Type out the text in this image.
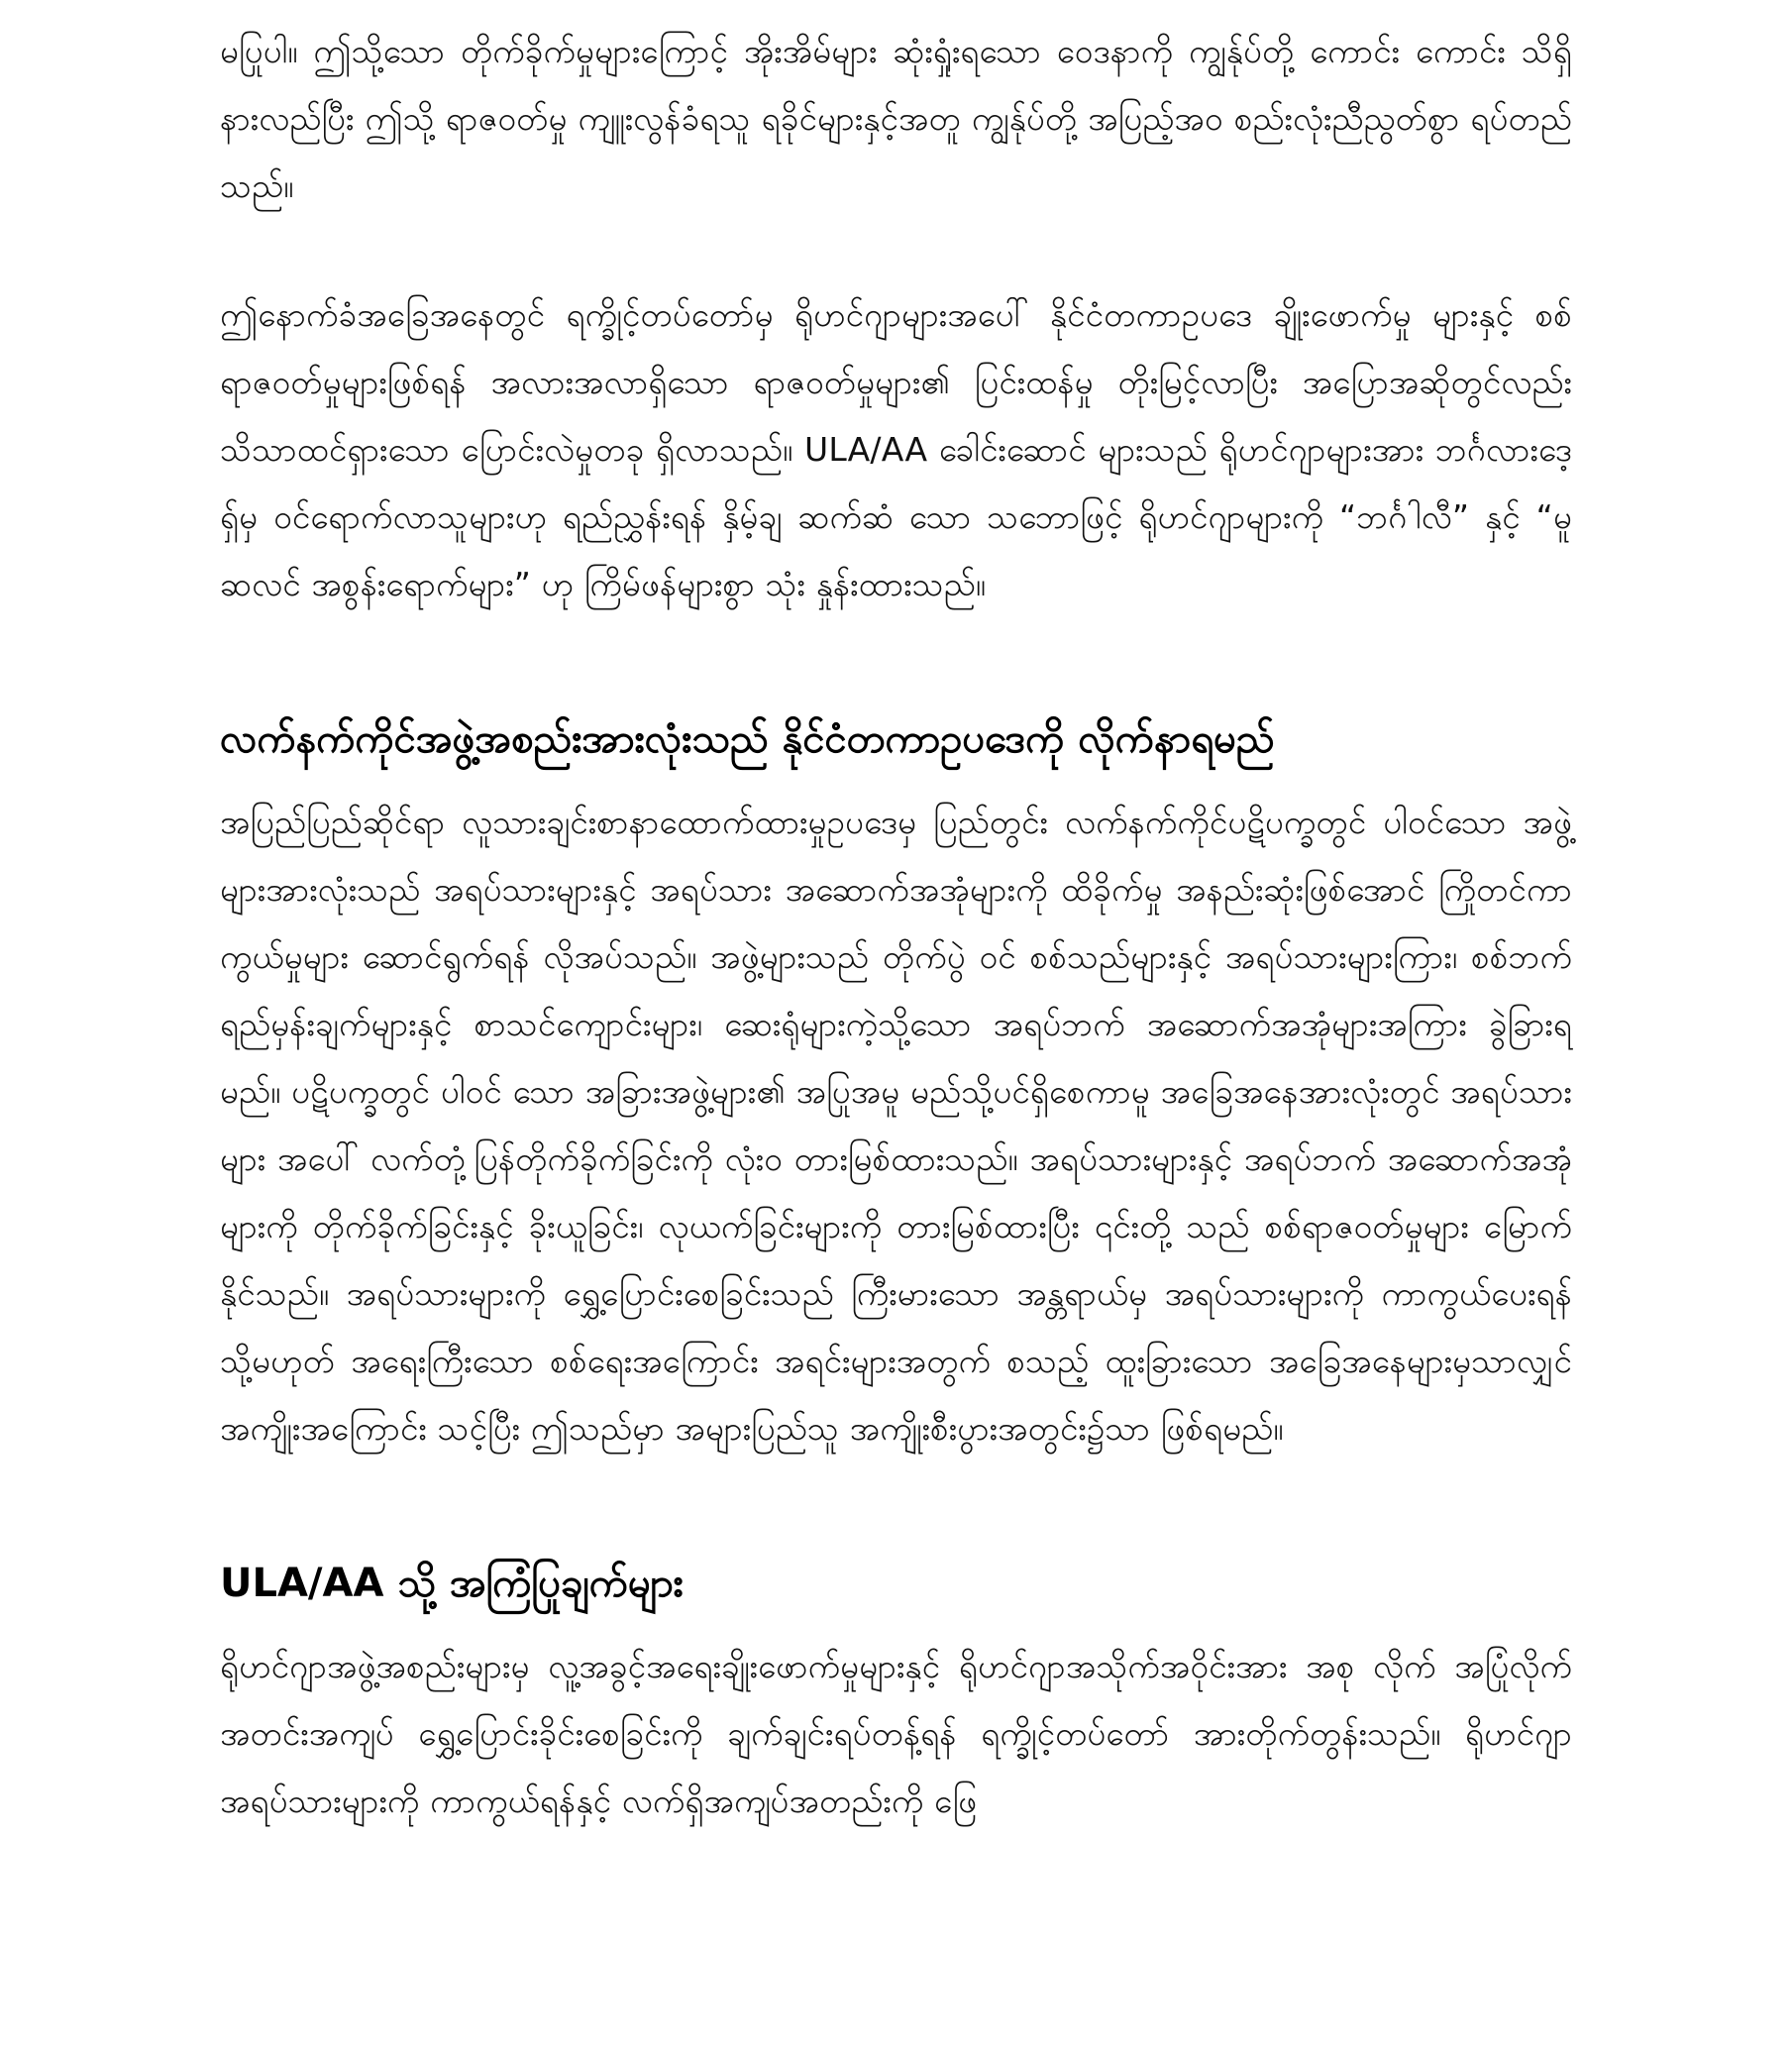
မပြုပါ။ ဤသို့သော တိုက်ခိုက်မှုများကြောင့် အိုးအိမ်များ ဆုံးရှုံးရသော ဝေဒနာကို ကျွန်ုပ်တို့ ကောင်း ကောင်း သိရှိနားလည်ပြီး ဤသို့ ရာဇဝတ်မှု ကျူးလွန်ခံရသူ ရခိုင်များနှင့်အတူ ကျွန်ုပ်တို့ အပြည့်အဝ စည်းလုံးညီညွတ်စွာ ရပ်တည်သည်။

ဤနောက်ခံအခြေအနေတွင် ရက္ခိုင့်တပ်တော်မှ ရိုဟင်ဂျာများအပေါ် နိုင်ငံတကာဥပဒေ ချိုးဖောက်မှု များနှင့် စစ်ရာဇဝတ်မှုများဖြစ်ရန် အလားအလာရှိသော ရာဇဝတ်မှုများ၏ ပြင်းထန်မှု တိုးမြင့်လာပြီး အပြောအဆိုတွင်လည်း သိသာထင်ရှားသော ပြောင်းလဲမှုတခု ရှိလာသည်။ ULA/AA ခေါင်းဆောင် များသည် ရိုဟင်ဂျာများအား ဘင်္ဂလားဒေ့ရှ်မှ ဝင်ရောက်လာသူများဟု ရည်ညွှန်းရန် နှိမ့်ချ ဆက်ဆံ သော သဘောဖြင့် ရိုဟင်ဂျာများကို “ဘင်္ဂါလီ” နှင့် “မူဆလင် အစွန်းရောက်များ” ဟု ကြိမ်ဖန်များစွာ သုံး နှုန်းထားသည်။

လက်နက်ကိုင်အဖွဲ့အစည်းအားလုံးသည် နိုင်ငံတကာဥပဒေကို လိုက်နာရမည်

အပြည်ပြည်ဆိုင်ရာ လူသားချင်းစာနာထောက်ထားမှုဥပဒေမှ ပြည်တွင်း လက်နက်ကိုင်ပဋိပက္ခတွင် ပါဝင်သော အဖွဲ့များအားလုံးသည် အရပ်သားများနှင့် အရပ်သား အဆောက်အအုံများကို ထိခိုက်မှု အနည်းဆုံးဖြစ်အောင် ကြိုတင်ကာကွယ်မှုများ ဆောင်ရွက်ရန် လိုအပ်သည်။ အဖွဲ့များသည် တိုက်ပွဲ ဝင် စစ်သည်များနှင့် အရပ်သားများကြား၊ စစ်ဘက် ရည်မှန်းချက်များနှင့် စာသင်ကျောင်းများ၊ ဆေးရုံများကဲ့သို့သော အရပ်ဘက် အဆောက်အအုံများအကြား ခွဲခြားရမည်။ ပဋိပက္ခတွင် ပါဝင် သော အခြားအဖွဲ့များ၏ အပြုအမူ မည်သို့ပင်ရှိစေကာမူ အခြေအနေအားလုံးတွင် အရပ်သားများ အပေါ် လက်တုံ့ပြန်တိုက်ခိုက်ခြင်းကို လုံးဝ တားမြစ်ထားသည်။ အရပ်သားများနှင့် အရပ်ဘက် အဆောက်အအုံများကို တိုက်ခိုက်ခြင်းနှင့် ခိုးယူခြင်း၊ လုယက်ခြင်းများကို တားမြစ်ထားပြီး ၎င်းတို့ သည် စစ်ရာဇဝတ်မှုများ မြောက်နိုင်သည်။ အရပ်သားများကို ရွှေ့ပြောင်းစေခြင်းသည် ကြီးမားသော အန္တရာယ်မှ အရပ်သားများကို ကာကွယ်ပေးရန် သို့မဟုတ် အရေးကြီးသော စစ်ရေးအကြောင်း အရင်းများအတွက် စသည့် ထူးခြားသော အခြေအနေများမှသာလျှင် အကျိုးအကြောင်း သင့်ပြီး ဤသည်မှာ အများပြည်သူ အကျိုးစီးပွားအတွင်း၌သာ ဖြစ်ရမည်။

ULA/AA သို့ အကြံပြုချက်များ

ရိုဟင်ဂျာအဖွဲ့အစည်းများမှ လူ့အခွင့်အရေးချိုးဖောက်မှုများနှင့် ရိုဟင်ဂျာအသိုက်အဝိုင်းအား အစု လိုက် အပြုံလိုက် အတင်းအကျပ် ရွှေ့ပြောင်းခိုင်းစေခြင်းကို ချက်ချင်းရပ်တန့်ရန် ရက္ခိုင့်တပ်တော် အားတိုက်တွန်းသည်။ ရိုဟင်ဂျာအရပ်သားများကို ကာကွယ်ရန်နှင့် လက်ရှိအကျပ်အတည်းကို ဖြေ
